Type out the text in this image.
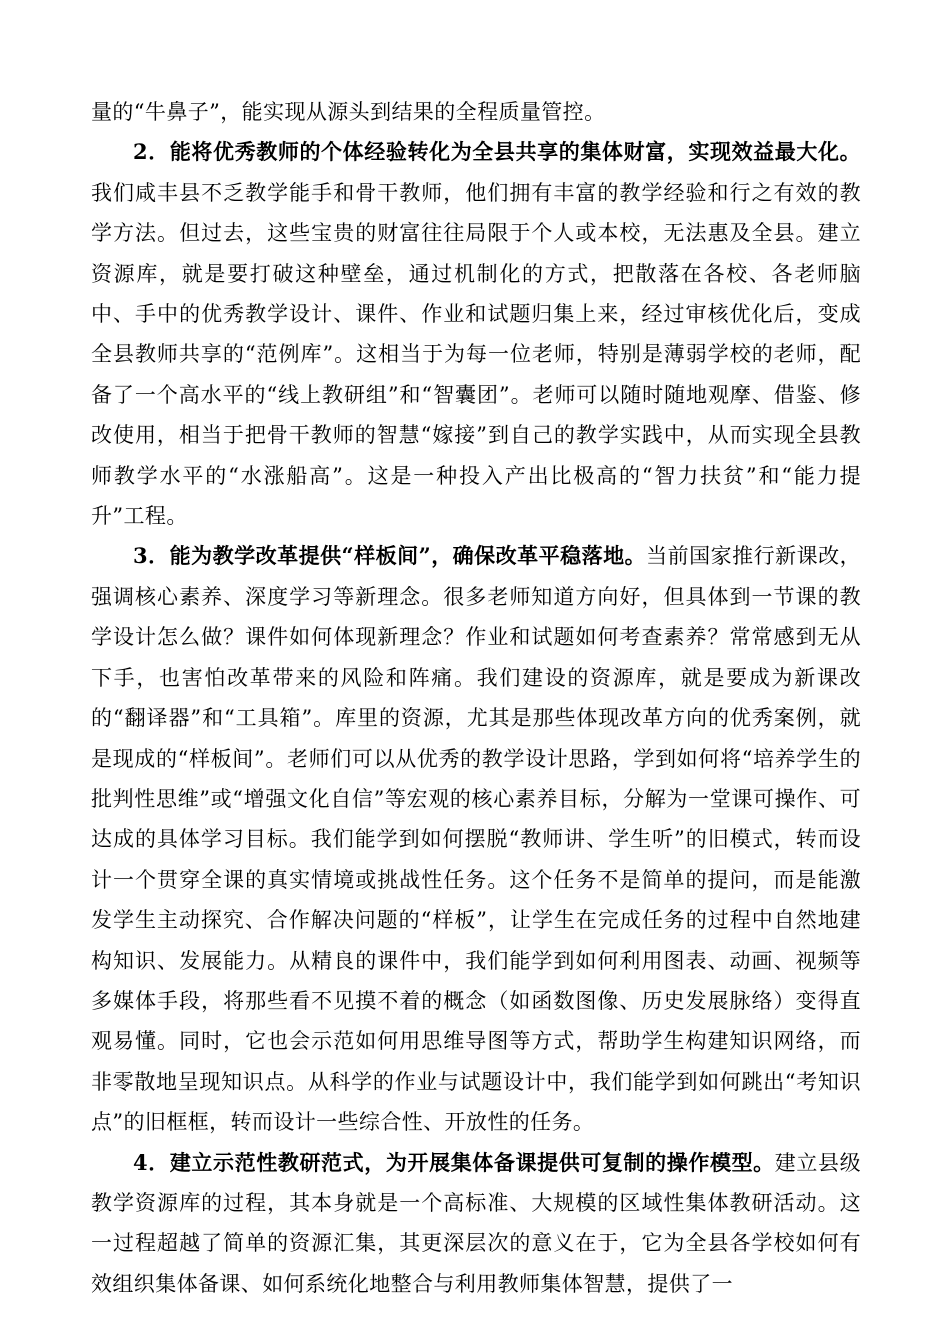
量的“牛鼻子”，能实现从源头到结果的全程质量管控。

2．能将优秀教师的个体经验转化为全县共享的集体财富，实现效益最大化。我们咸丰县不乏教学能手和骨干教师，他们拥有丰富的教学经验和行之有效的教学方法。但过去，这些宝贵的财富往往局限于个人或本校，无法惠及全县。建立资源库，就是要打破这种壁垒，通过机制化的方式，把散落在各校、各老师脑中、手中的优秀教学设计、课件、作业和试题归集上来，经过审核优化后，变成全县教师共享的“范例库”。这相当于为每一位老师，特别是薄弱学校的老师，配备了一个高水平的“线上教研组”和“智囊团”。老师可以随时随地观摩、借鉴、修改使用，相当于把骨干教师的智慧“嫁接”到自己的教学实践中，从而实现全县教师教学水平的“水涨船高”。这是一种投入产出比极高的“智力扶贫”和“能力提升”工程。

3．能为教学改革提供“样板间”，确保改革平稳落地。当前国家推行新课改，强调核心素养、深度学习等新理念。很多老师知道方向好，但具体到一节课的教学设计怎么做？课件如何体现新理念？作业和试题如何考查素养？常常感到无从下手，也害怕改革带来的风险和阵痛。我们建设的资源库，就是要成为新课改的“翻译器”和“工具箱”。库里的资源，尤其是那些体现改革方向的优秀案例，就是现成的“样板间”。老师们可以从优秀的教学设计思路，学到如何将“培养学生的批判性思维”或“增强文化自信”等宏观的核心素养目标，分解为一堂课可操作、可达成的具体学习目标。我们能学到如何摆脱“教师讲、学生听”的旧模式，转而设计一个贯穿全课的真实情境或挑战性任务。这个任务不是简单的提问，而是能激发学生主动探究、合作解决问题的“样板”，让学生在完成任务的过程中自然地建构知识、发展能力。从精良的课件中，我们能学到如何利用图表、动画、视频等多媒体手段，将那些看不见摸不着的概念（如函数图像、历史发展脉络）变得直观易懂。同时，它也会示范如何用思维导图等方式，帮助学生构建知识网络，而非零散地呈现知识点。从科学的作业与试题设计中，我们能学到如何跳出“考知识点”的旧框框，转而设计一些综合性、开放性的任务。

4．建立示范性教研范式，为开展集体备课提供可复制的操作模型。建立县级教学资源库的过程，其本身就是一个高标准、大规模的区域性集体教研活动。这一过程超越了简单的资源汇集，其更深层次的意义在于，它为全县各学校如何有效组织集体备课、如何系统化地整合与利用教师集体智慧，提供了一
